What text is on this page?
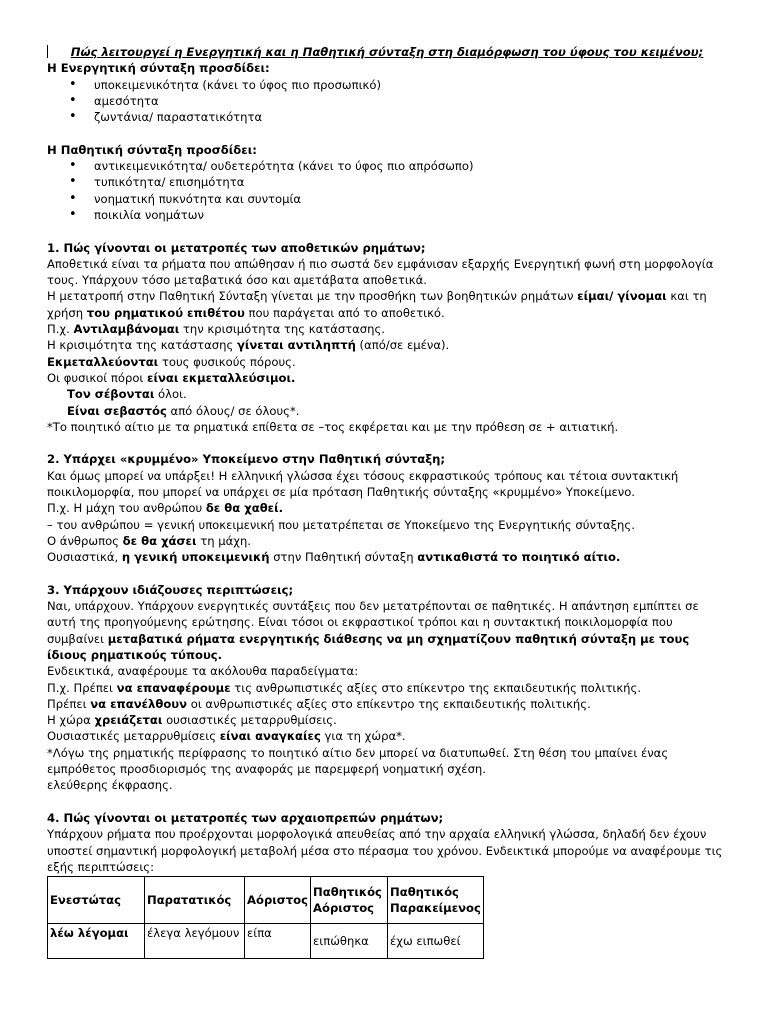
Πώς λειτουργεί η Ενεργητική και η Παθητική σύνταξη στη διαμόρφωση του ύφους του κειμένου;

Η Ενεργητική σύνταξη προσδίδει:

• υποκειμενικότητα (κάνει το ύφος πιο προσωπικό)
• αμεσότητα
• ζωντάνια/ παραστατικότητα

Η Παθητική σύνταξη προσδίδει:

• αντικειμενικότητα/ ουδετερότητα (κάνει το ύφος πιο απρόσωπο)
• τυπικότητα/ επισημότητα
• νοηματική πυκνότητα και συντομία
• ποικιλία νοημάτων

1. Πώς γίνονται οι μετατροπές των αποθετικών ρημάτων;

Αποθετικά είναι τα ρήματα που απώθησαν ή πιο σωστά δεν εμφάνισαν εξαρχής Ενεργητική φωνή στη μορφολογία τους. Υπάρχουν τόσο μεταβατικά όσο και αμετάβατα αποθετικά.

Η μετατροπή στην Παθητική Σύνταξη γίνεται με την προσθήκη των βοηθητικών ρημάτων είμαι/ γίνομαι και τη χρήση του ρηματικού επιθέτου που παράγεται από το αποθετικό.

Π.χ. Αντιλαμβάνομαι την κρισιμότητα της κατάστασης.

Η κρισιμότητα της κατάστασης γίνεται αντιληπτή (από/σε εμένα).

Εκμεταλλεύονται τους φυσικούς πόρους.

Οι φυσικοί πόροι είναι εκμεταλλεύσιμοι.

Τον σέβονται όλοι.

Είναι σεβαστός από όλους/ σε όλους*.

*Το ποιητικό αίτιο με τα ρηματικά επίθετα σε –τος εκφέρεται και με την πρόθεση σε + αιτιατική.

2. Υπάρχει «κρυμμένο» Υποκείμενο στην Παθητική σύνταξη;

Και όμως μπορεί να υπάρξει! Η ελληνική γλώσσα έχει τόσους εκφραστικούς τρόπους και τέτοια συντακτική ποικιλομορφία, που μπορεί να υπάρχει σε μία πρόταση Παθητικής σύνταξης «κρυμμένο» Υποκείμενο.

Π.χ. Η μάχη του ανθρώπου δε θα χαθεί.

– του ανθρώπου = γενική υποκειμενική που μετατρέπεται σε Υποκείμενο της Ενεργητικής σύνταξης.

Ο άνθρωπος δε θα χάσει τη μάχη.

Ουσιαστικά, η γενική υποκειμενική στην Παθητική σύνταξη αντικαθιστά το ποιητικό αίτιο.

3. Υπάρχουν ιδιάζουσες περιπτώσεις;

Ναι, υπάρχουν. Υπάρχουν ενεργητικές συντάξεις που δεν μετατρέπονται σε παθητικές. Η απάντηση εμπίπτει σε αυτή της προηγούμενης ερώτησης. Είναι τόσοι οι εκφραστικοί τρόποι και η συντακτική ποικιλομορφία που συμβαίνει μεταβατικά ρήματα ενεργητικής διάθεσης να μη σχηματίζουν παθητική σύνταξη με τους ίδιους ρηματικούς τύπους.

Ενδεικτικά, αναφέρουμε τα ακόλουθα παραδείγματα:

Π.χ. Πρέπει να επαναφέρουμε τις ανθρωπιστικές αξίες στο επίκεντρο της εκπαιδευτικής πολιτικής.

Πρέπει να επανέλθουν οι ανθρωπιστικές αξίες στο επίκεντρο της εκπαιδευτικής πολιτικής.

Η χώρα χρειάζεται ουσιαστικές μεταρρυθμίσεις.

Ουσιαστικές μεταρρυθμίσεις είναι αναγκαίες για τη χώρα*.

*Λόγω της ρηματικής περίφρασης το ποιητικό αίτιο δεν μπορεί να διατυπωθεί. Στη θέση του μπαίνει ένας εμπρόθετος προσδιορισμός της αναφοράς με παρεμφερή νοηματική σχέση.

ελεύθερης έκφρασης.

4. Πώς γίνονται οι μετατροπές των αρχαιοπρεπών ρημάτων;

Υπάρχουν ρήματα που προέρχονται μορφολογικά απευθείας από την αρχαία ελληνική γλώσσα, δηλαδή δεν έχουν υποστεί σημαντική μορφολογική μεταβολή μέσα στο πέρασμα του χρόνου. Ενδεικτικά μπορούμε να αναφέρουμε τις εξής περιπτώσεις:

Ενεστώτας	Παρατατικός	Αόριστος	Παθητικός Αόριστος	Παθητικός Παρακείμενος
λέω λέγομαι	έλεγα λεγόμουν	είπα	ειπώθηκα	έχω ειπωθεί
